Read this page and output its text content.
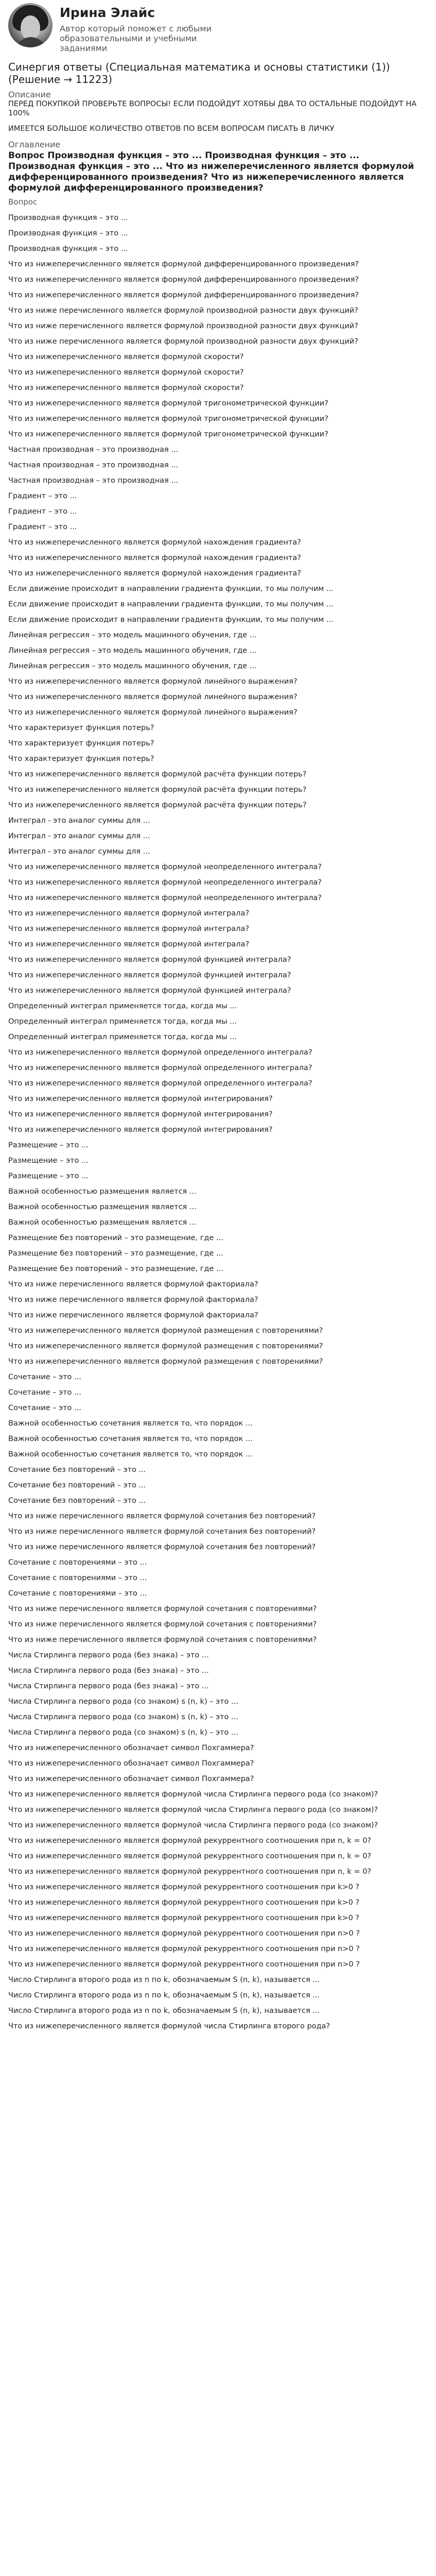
Ирина Элайс
Автор который поможет с любыми образовательными и учебными заданиями
Синергия ответы (Специальная математика и основы статистики (1)) (Решение → 11223)
Описание

ПЕРЕД ПОКУПКОЙ ПРОВЕРЬТЕ ВОПРОСЫ! ЕСЛИ ПОДОЙДУТ ХОТЯБЫ ДВА ТО ОСТАЛЬНЫЕ ПОДОЙДУТ НА 100%

ИМЕЕТСЯ БОЛЬШОЕ КОЛИЧЕСТВО ОТВЕТОВ ПО ВСЕМ ВОПРОСАМ ПИСАТЬ В ЛИЧКУ

Оглавление
Вопрос Производная функция – это ... Производная функция – это ... Производная функция – это ... Что из нижеперечисленного является формулой дифференцированного произведения? Что из нижеперечисленного является формулой дифференцированного произведения?
Вопрос

Производная функция – это ...

Производная функция – это ...

Производная функция – это ...

Что из нижеперечисленного является формулой дифференцированного произведения?

Что из нижеперечисленного является формулой дифференцированного произведения?

Что из нижеперечисленного является формулой дифференцированного произведения?

Что из ниже перечисленного является формулой производной разности двух функций?

Что из ниже перечисленного является формулой производной разности двух функций?

Что из ниже перечисленного является формулой производной разности двух функций?

Что из нижеперечисленного является формулой скорости?

Что из нижеперечисленного является формулой скорости?

Что из нижеперечисленного является формулой скорости?

Что из нижеперечисленного является формулой тригонометрической функции?

Что из нижеперечисленного является формулой тригонометрической функции?

Что из нижеперечисленного является формулой тригонометрической функции?

Частная производная – это производная ...

Частная производная – это производная ...

Частная производная – это производная ...

Градиент – это ...

Градиент – это ...

Градиент – это ...

Что из нижеперечисленного является формулой нахождения градиента?

Что из нижеперечисленного является формулой нахождения градиента?

Что из нижеперечисленного является формулой нахождения градиента?

Если движение происходит в направлении градиента функции, то мы получим ...

Если движение происходит в направлении градиента функции, то мы получим ...

Если движение происходит в направлении градиента функции, то мы получим ...

Линейная регрессия – это модель машинного обучения, где ...

Линейная регрессия – это модель машинного обучения, где ...

Линейная регрессия – это модель машинного обучения, где ...

Что из нижеперечисленного является формулой линейного выражения?

Что из нижеперечисленного является формулой линейного выражения?

Что из нижеперечисленного является формулой линейного выражения?

Что характеризует функция потерь?

Что характеризует функция потерь?

Что характеризует функция потерь?

Что из нижеперечисленного является формулой расчёта функции потерь?

Что из нижеперечисленного является формулой расчёта функции потерь?

Что из нижеперечисленного является формулой расчёта функции потерь?

Интеграл - это аналог суммы для ...

Интеграл - это аналог суммы для ...

Интеграл - это аналог суммы для ...

Что из нижеперечисленного является формулой неопределенного интеграла?

Что из нижеперечисленного является формулой неопределенного интеграла?

Что из нижеперечисленного является формулой неопределенного интеграла?

Что из нижеперечисленного является формулой интеграла?

Что из нижеперечисленного является формулой интеграла?

Что из нижеперечисленного является формулой интеграла?

Что из нижеперечисленного является формулой функцией интеграла?

Что из нижеперечисленного является формулой функцией интеграла?

Что из нижеперечисленного является формулой функцией интеграла?

Определенный интеграл применяется тогда, когда мы ...

Определенный интеграл применяется тогда, когда мы ...

Определенный интеграл применяется тогда, когда мы ...

Что из нижеперечисленного является формулой определенного интеграла?

Что из нижеперечисленного является формулой определенного интеграла?

Что из нижеперечисленного является формулой определенного интеграла?

Что из нижеперечисленного является формулой интегрирования?

Что из нижеперечисленного является формулой интегрирования?

Что из нижеперечисленного является формулой интегрирования?

Размещение – это ...

Размещение – это ...

Размещение – это ...

Важной особенностью размещения является ...

Важной особенностью размещения является ...

Важной особенностью размещения является ...

Размещение без повторений – это размещение, где ...

Размещение без повторений – это размещение, где ...

Размещение без повторений – это размещение, где ...

Что из ниже перечисленного является формулой факториала?

Что из ниже перечисленного является формулой факториала?

Что из ниже перечисленного является формулой факториала?

Что из нижеперечисленного является формулой размещения с повторениями?

Что из нижеперечисленного является формулой размещения с повторениями?

Что из нижеперечисленного является формулой размещения с повторениями?

Сочетание – это ...

Сочетание – это ...

Сочетание – это ...

Важной особенностью сочетания является то, что порядок ...

Важной особенностью сочетания является то, что порядок ...

Важной особенностью сочетания является то, что порядок ...

Сочетание без повторений – это ...

Сочетание без повторений – это ...

Сочетание без повторений – это ...

Что из ниже перечисленного является формулой сочетания без повторений?

Что из ниже перечисленного является формулой сочетания без повторений?

Что из ниже перечисленного является формулой сочетания без повторений?

Сочетание с повторениями – это ...

Сочетание с повторениями – это ...

Сочетание с повторениями – это ...

Что из ниже перечисленного является формулой сочетания с повторениями?

Что из ниже перечисленного является формулой сочетания с повторениями?

Что из ниже перечисленного является формулой сочетания с повторениями?

Числа Стирлинга первого рода (без знака) – это ...

Числа Стирлинга первого рода (без знака) – это ...

Числа Стирлинга первого рода (без знака) – это ...

Числа Стирлинга первого рода (со знаком) s (n, k) – это ...

Числа Стирлинга первого рода (со знаком) s (n, k) – это ...

Числа Стирлинга первого рода (со знаком) s (n, k) – это ...

Что из нижеперечисленного обозначает символ Похгаммера?

Что из нижеперечисленного обозначает символ Похгаммера?

Что из нижеперечисленного обозначает символ Похгаммера?

Что из нижеперечисленного является формулой числа Стирлинга первого рода (со знаком)?

Что из нижеперечисленного является формулой числа Стирлинга первого рода (со знаком)?

Что из нижеперечисленного является формулой числа Стирлинга первого рода (со знаком)?

Что из нижеперечисленного является формулой рекуррентного соотношения при n, k = 0?

Что из нижеперечисленного является формулой рекуррентного соотношения при n, k = 0?

Что из нижеперечисленного является формулой рекуррентного соотношения при n, k = 0?

Что из нижеперечисленного является формулой рекуррентного соотношения при k>0 ?

Что из нижеперечисленного является формулой рекуррентного соотношения при k>0 ?

Что из нижеперечисленного является формулой рекуррентного соотношения при k>0 ?

Что из нижеперечисленного является формулой рекуррентного соотношения при n>0 ?

Что из нижеперечисленного является формулой рекуррентного соотношения при n>0 ?

Что из нижеперечисленного является формулой рекуррентного соотношения при n>0 ?

Число Стирлинга второго рода из n по k, обозначаемым S (n, k), называется ...

Число Стирлинга второго рода из n по k, обозначаемым S (n, k), называется ...

Число Стирлинга второго рода из n по k, обозначаемым S (n, k), называется ...

Что из нижеперечисленного является формулой числа Стирлинга второго рода?
